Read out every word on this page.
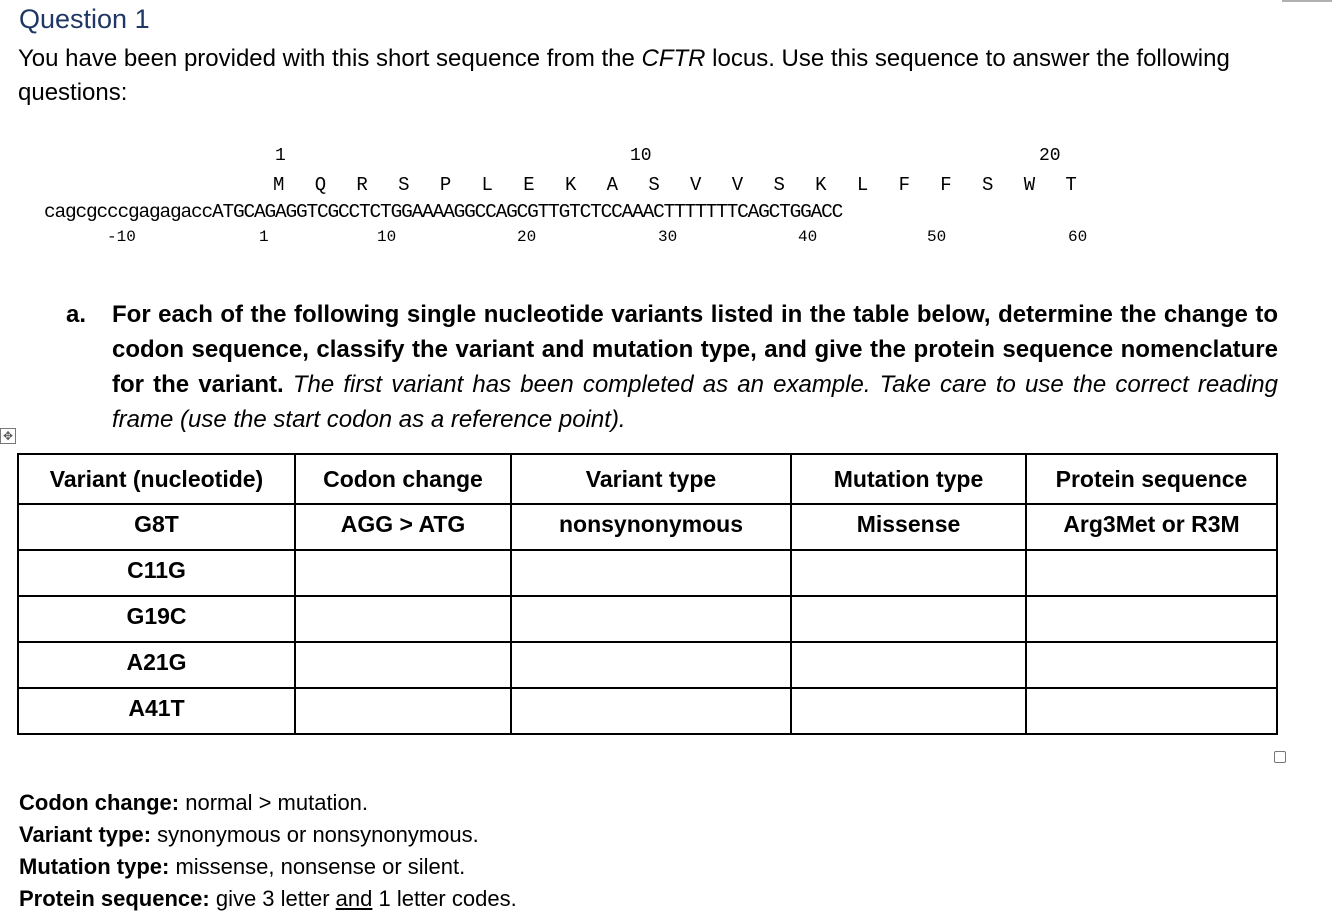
Question 1
You have been provided with this short sequence from the CFTR locus. Use this sequence to answer the following questions:

1

	10

	20

M  Q  R  S  P  L  E  K  A  S  V  V  S  K  L  F  F  S  W  T

cagcgcccgagagaccATGCAGAGGTCGCCTCTGGAAAAGGCCAGCGTTGTCTCCAAACTTTTTTTCAGCTGGACC

-10

	1

	10

	20

	30

	40

	50

	60

a. For each of the following single nucleotide variants listed in the table below, determine the change to codon sequence, classify the variant and mutation type, and give the protein sequence nomenclature for the variant. The first variant has been completed as an example. Take care to use the correct reading frame (use the start codon as a reference point).
✥
Variant (nucleotide)	Codon change	Variant type	Mutation type	Protein sequence
G8T	AGG > ATG	nonsynonymous	Missense	Arg3Met or R3M
C11G				
G19C				
A21G				
A41T				
Codon change: normal > mutation.
Variant type: synonymous or nonsynonymous.
Mutation type: missense, nonsense or silent.
Protein sequence: give 3 letter and 1 letter codes.
